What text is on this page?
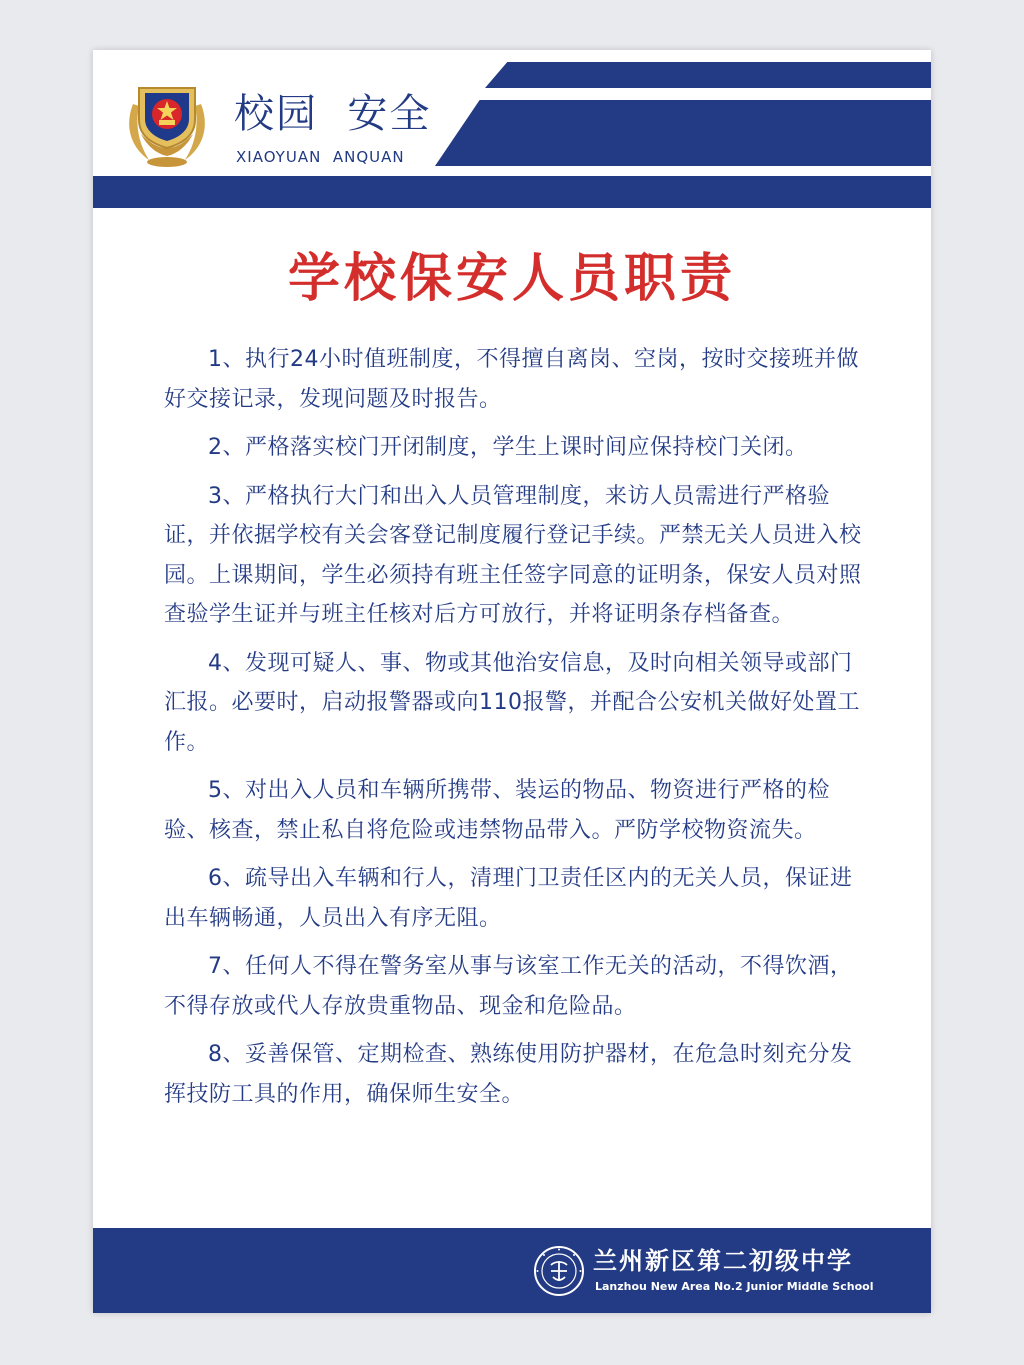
校园  安全
XIAOYUAN  ANQUAN
学校保安人员职责

1、执行24小时值班制度，不得擅自离岗、空岗，按时交接班并做好交接记录，发现问题及时报告。

2、严格落实校门开闭制度，学生上课时间应保持校门关闭。

3、严格执行大门和出入人员管理制度，来访人员需进行严格验证，并依据学校有关会客登记制度履行登记手续。严禁无关人员进入校园。上课期间，学生必须持有班主任签字同意的证明条，保安人员对照查验学生证并与班主任核对后方可放行，并将证明条存档备查。

4、发现可疑人、事、物或其他治安信息，及时向相关领导或部门汇报。必要时，启动报警器或向110报警，并配合公安机关做好处置工作。

5、对出入人员和车辆所携带、装运的物品、物资进行严格的检验、核查，禁止私自将危险或违禁物品带入。严防学校物资流失。

6、疏导出入车辆和行人，清理门卫责任区内的无关人员，保证进出车辆畅通，人员出入有序无阻。

7、任何人不得在警务室从事与该室工作无关的活动，不得饮酒，不得存放或代人存放贵重物品、现金和危险品。

8、妥善保管、定期检查、熟练使用防护器材，在危急时刻充分发挥技防工具的作用，确保师生安全。

兰州新区第二初级中学
Lanzhou New Area No.2 Junior Middle School
